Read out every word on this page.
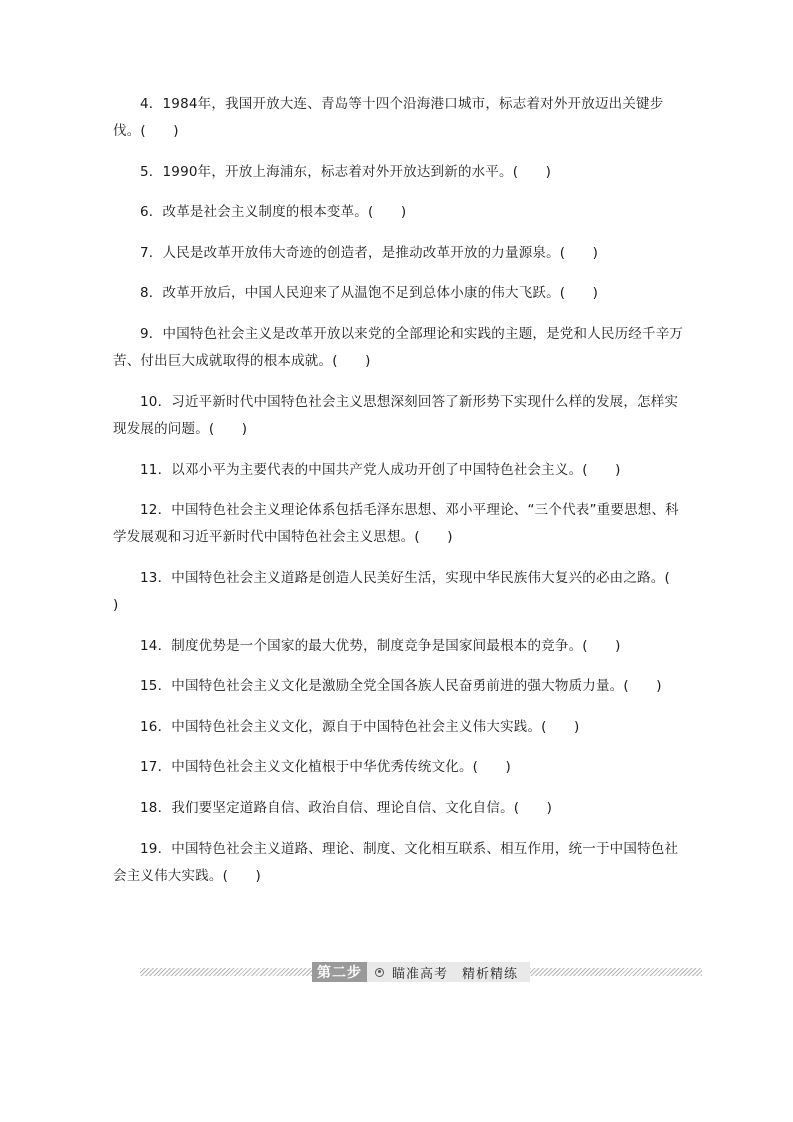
4．1984年，我国开放大连、青岛等十四个沿海港口城市，标志着对外开放迈出关键步伐。(　　)
5．1990年，开放上海浦东，标志着对外开放达到新的水平。(　　)
6．改革是社会主义制度的根本变革。(　　)
7．人民是改革开放伟大奇迹的创造者，是推动改革开放的力量源泉。(　　)
8．改革开放后，中国人民迎来了从温饱不足到总体小康的伟大飞跃。(　　)
9．中国特色社会主义是改革开放以来党的全部理论和实践的主题，是党和人民历经千辛万苦、付出巨大成就取得的根本成就。(　　)
10．习近平新时代中国特色社会主义思想深刻回答了新形势下实现什么样的发展，怎样实现发展的问题。(　　)
11．以邓小平为主要代表的中国共产党人成功开创了中国特色社会主义。(　　)
12．中国特色社会主义理论体系包括毛泽东思想、邓小平理论、“三个代表”重要思想、科学发展观和习近平新时代中国特色社会主义思想。(　　)
13．中国特色社会主义道路是创造人民美好生活，实现中华民族伟大复兴的必由之路。(　　)
14．制度优势是一个国家的最大优势，制度竞争是国家间最根本的竞争。(　　)
15．中国特色社会主义文化是激励全党全国各族人民奋勇前进的强大物质力量。(　　)
16．中国特色社会主义文化，源自于中国特色社会主义伟大实践。(　　)
17．中国特色社会主义文化植根于中华优秀传统文化。(　　)
18．我们要坚定道路自信、政治自信、理论自信、文化自信。(　　)
19．中国特色社会主义道路、理论、制度、文化相互联系、相互作用，统一于中国特色社会主义伟大实践。(　　)
第二步	瞄准高考　精析精练
